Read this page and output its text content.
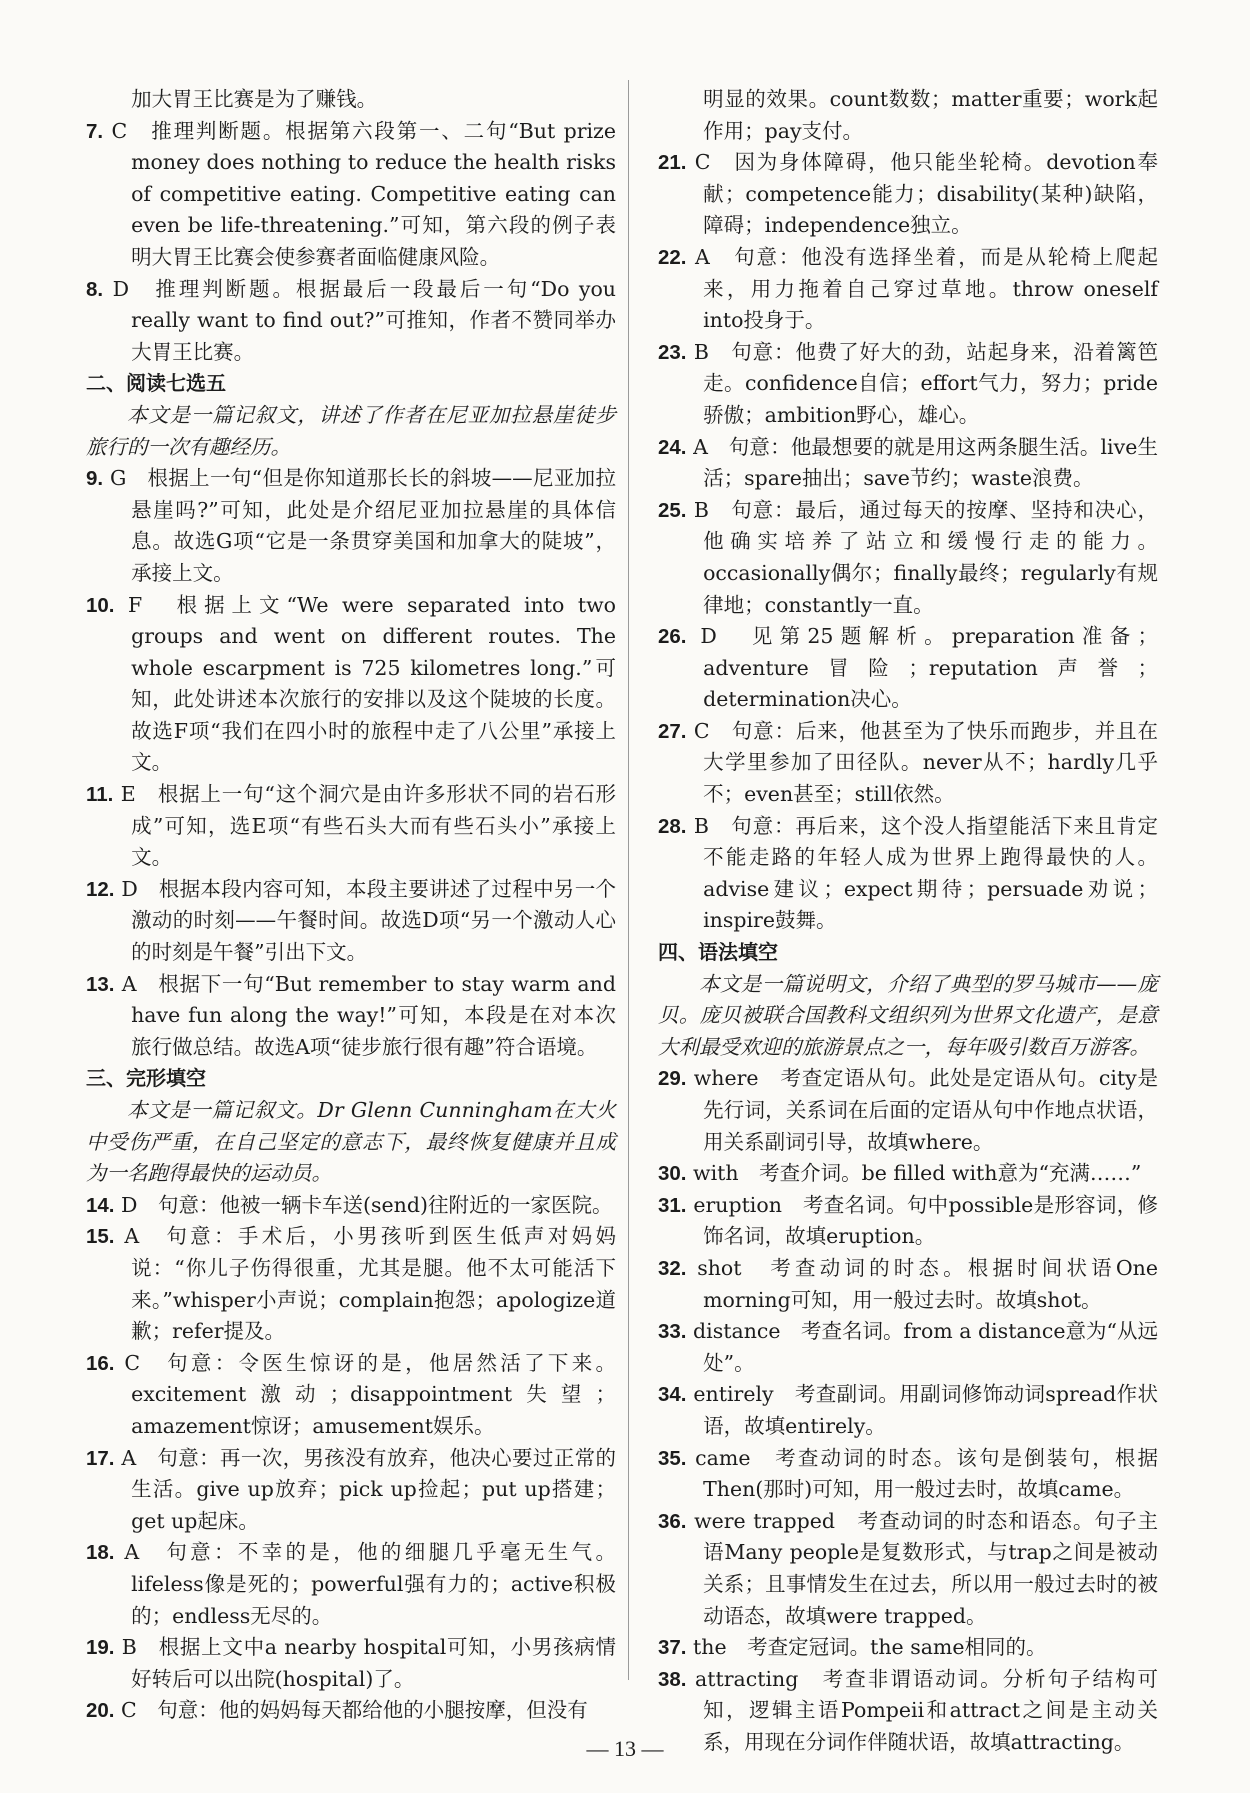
加大胃王比赛是为了赚钱。

7. C　推理判断题。根据第六段第一、二句“But prize money does nothing to reduce the health risks of competitive eating. Competitive eating can even be life-threatening.”可知，第六段的例子表明大胃王比赛会使参赛者面临健康风险。

8. D　推理判断题。根据最后一段最后一句“Do you really want to find out?”可推知，作者不赞同举办大胃王比赛。

二、阅读七选五

本文是一篇记叙文，讲述了作者在尼亚加拉悬崖徒步旅行的一次有趣经历。

9. G　根据上一句“但是你知道那长长的斜坡——尼亚加拉悬崖吗?”可知，此处是介绍尼亚加拉悬崖的具体信息。故选G项“它是一条贯穿美国和加拿大的陡坡”，承接上文。

10. F　根据上文“We were separated into two groups and went on different routes. The whole escarpment is 725 kilometres long.”可知，此处讲述本次旅行的安排以及这个陡坡的长度。故选F项“我们在四小时的旅程中走了八公里”承接上文。

11. E　根据上一句“这个洞穴是由许多形状不同的岩石形成”可知，选E项“有些石头大而有些石头小”承接上文。

12. D　根据本段内容可知，本段主要讲述了过程中另一个激动的时刻——午餐时间。故选D项“另一个激动人心的时刻是午餐”引出下文。

13. A　根据下一句“But remember to stay warm and have fun along the way!”可知，本段是在对本次旅行做总结。故选A项“徒步旅行很有趣”符合语境。

三、完形填空

本文是一篇记叙文。Dr Glenn Cunningham在大火中受伤严重，在自己坚定的意志下，最终恢复健康并且成为一名跑得最快的运动员。

14. D　句意：他被一辆卡车送(send)往附近的一家医院。

15. A　句意：手术后，小男孩听到医生低声对妈妈说：“你儿子伤得很重，尤其是腿。他不太可能活下来。”whisper小声说；complain抱怨；apologize道歉；refer提及。

16. C　句意：令医生惊讶的是，他居然活了下来。excitement激动；disappointment失望；amazement惊讶；amusement娱乐。

17. A　句意：再一次，男孩没有放弃，他决心要过正常的生活。give up放弃；pick up捡起；put up搭建；get up起床。

18. A　句意：不幸的是，他的细腿几乎毫无生气。lifeless像是死的；powerful强有力的；active积极的；endless无尽的。

19. B　根据上文中a nearby hospital可知，小男孩病情好转后可以出院(hospital)了。

20. C　句意：他的妈妈每天都给他的小腿按摩，但没有

明显的效果。count数数；matter重要；work起作用；pay支付。

21. C　因为身体障碍，他只能坐轮椅。devotion奉献；competence能力；disability(某种)缺陷，障碍；independence独立。

22. A　句意：他没有选择坐着，而是从轮椅上爬起来，用力拖着自己穿过草地。throw oneself into投身于。

23. B　句意：他费了好大的劲，站起身来，沿着篱笆走。confidence自信；effort气力，努力；pride骄傲；ambition野心，雄心。

24. A　句意：他最想要的就是用这两条腿生活。live生活；spare抽出；save节约；waste浪费。

25. B　句意：最后，通过每天的按摩、坚持和决心，他确实培养了站立和缓慢行走的能力。occasionally偶尔；finally最终；regularly有规律地；constantly一直。

26. D　见第25题解析。preparation准备；adventure冒险；reputation声誉；determination决心。

27. C　句意：后来，他甚至为了快乐而跑步，并且在大学里参加了田径队。never从不；hardly几乎不；even甚至；still依然。

28. B　句意：再后来，这个没人指望能活下来且肯定不能走路的年轻人成为世界上跑得最快的人。advise建议；expect期待；persuade劝说；inspire鼓舞。

四、语法填空

本文是一篇说明文，介绍了典型的罗马城市——庞贝。庞贝被联合国教科文组织列为世界文化遗产，是意大利最受欢迎的旅游景点之一，每年吸引数百万游客。

29. where　考查定语从句。此处是定语从句。city是先行词，关系词在后面的定语从句中作地点状语，用关系副词引导，故填where。

30. with　考查介词。be filled with意为“充满……”

31. eruption　考查名词。句中possible是形容词，修饰名词，故填eruption。

32. shot　考查动词的时态。根据时间状语One morning可知，用一般过去时。故填shot。

33. distance　考查名词。from a distance意为“从远处”。

34. entirely　考查副词。用副词修饰动词spread作状语，故填entirely。

35. came　考查动词的时态。该句是倒装句，根据Then(那时)可知，用一般过去时，故填came。

36. were trapped　考查动词的时态和语态。句子主语Many people是复数形式，与trap之间是被动关系；且事情发生在过去，所以用一般过去时的被动语态，故填were trapped。

37. the　考查定冠词。the same相同的。

38. attracting　考查非谓语动词。分析句子结构可知，逻辑主语Pompeii和attract之间是主动关系，用现在分词作伴随状语，故填attracting。

— 13 —
